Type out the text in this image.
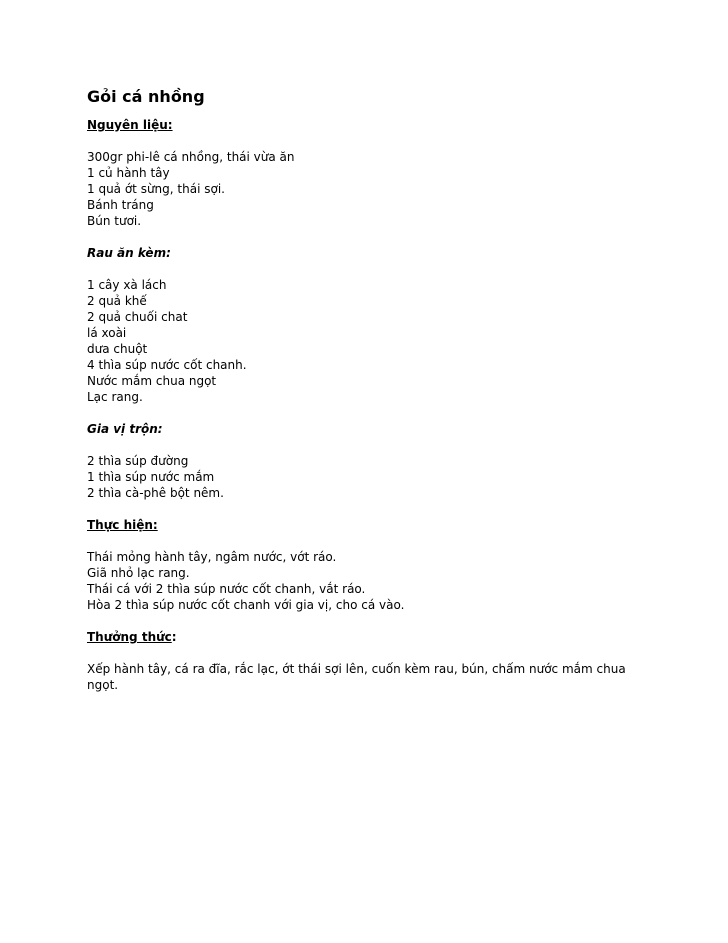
Gỏi cá nhồng
Nguyên liệu:
300gr phi-lê cá nhồng, thái vừa ăn
1 củ hành tây
1 quả ớt sừng, thái sợi.
Bánh tráng
Bún tươi.
Rau ăn kèm:
1 cây xà lách
2 quả khế
2 quả chuối chat
lá xoài
dưa chuột
4 thìa súp nước cốt chanh.
Nước mắm chua ngọt
Lạc rang.
Gia vị trộn:
2 thìa súp đường
1 thìa súp nước mắm
2 thìa cà-phê bột nêm.
Thực hiện:
Thái mỏng hành tây, ngâm nước, vớt ráo.
Giã nhỏ lạc rang.
Thái cá với 2 thìa súp nước cốt chanh, vắt ráo.
Hòa 2 thìa súp nước cốt chanh với gia vị, cho cá vào.
Thưởng thức:
Xếp hành tây, cá ra đĩa, rắc lạc, ớt thái sợi lên, cuốn kèm rau, bún, chấm nước mắm chua ngọt.
